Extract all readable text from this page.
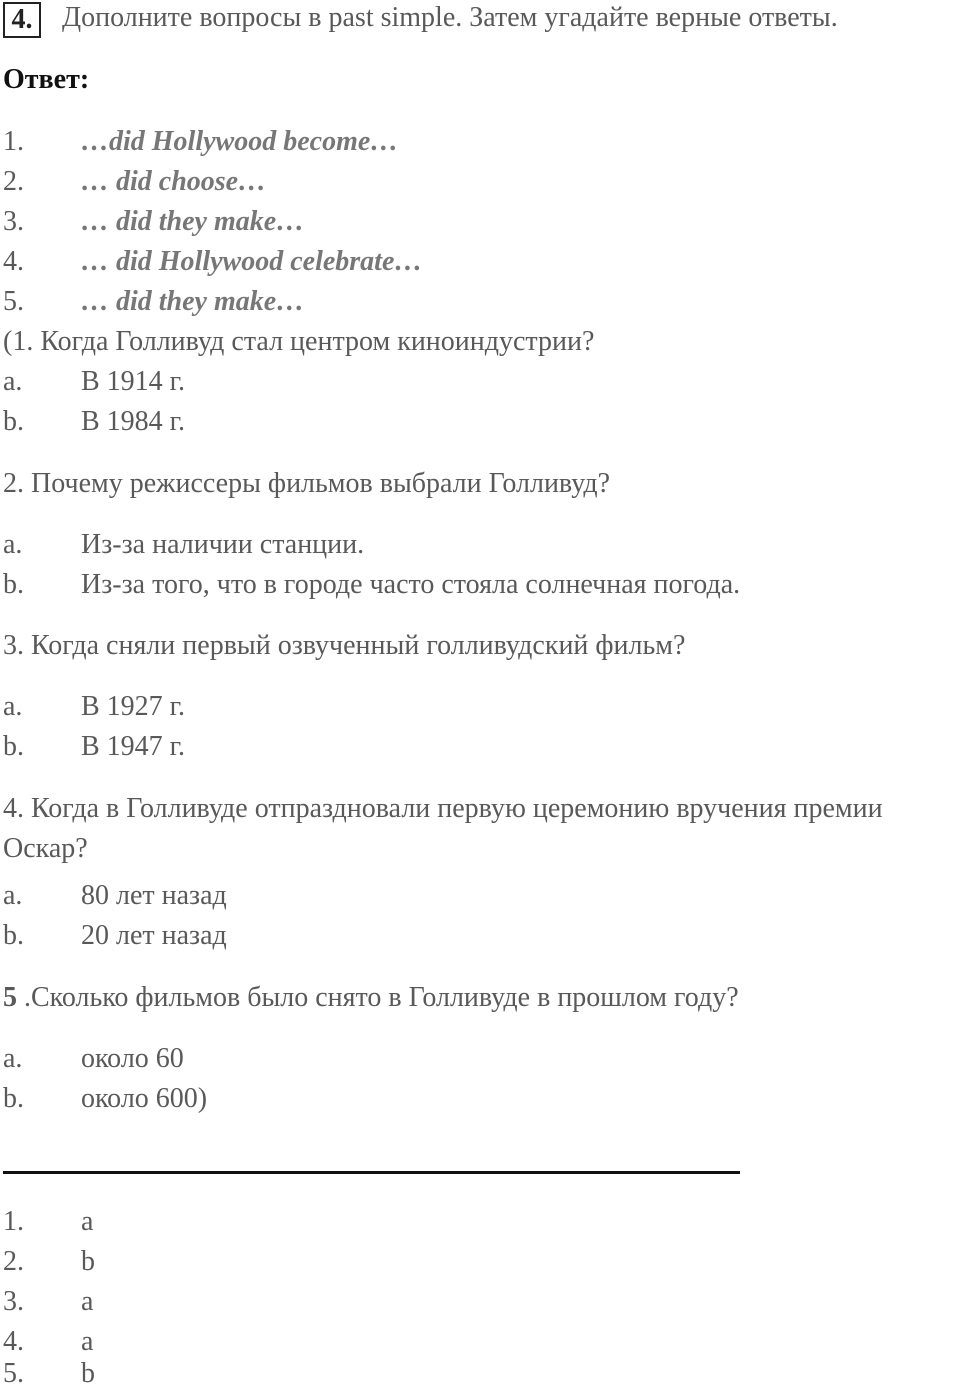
4.	Дополните вопросы в past simple. Затем угадайте верные ответы.
Ответ:
1.	…did Hollywood become…
2.	… did choose…
3.	… did they make…
4.	… did Hollywood celebrate…
5.	… did they make…
(1. Когда Голливуд стал центром киноиндустрии?
a.	В 1914 г.
b.	В 1984 г.
2. Почему режиссеры фильмов выбрали Голливуд?
a.	Из-за наличии станции.
b.	Из-за того, что в городе часто стояла солнечная погода.
3. Когда сняли первый озвученный голливудский фильм?
a.	В 1927 г.
b.	В 1947 г.
4. Когда в Голливуде отпраздновали первую церемонию вручения премии
Оскар?
a.	80 лет назад
b.	20 лет назад
5 .Сколько фильмов было снято в Голливуде в прошлом году?
a.	около 60
b.	около 600)
1.	a
2.	b
3.	a
4.	a
5.	b
